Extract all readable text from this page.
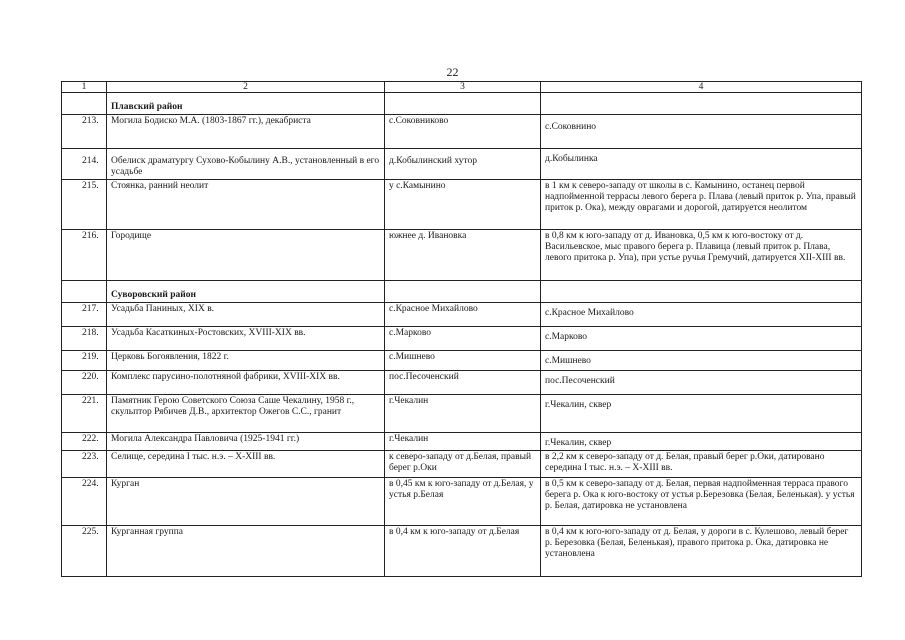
22
1	2	3	4
	Плавский район		
213.	Могила Бодиско М.А. (1803-1867 гг.), декабриста	с.Соковниково	с.Соковнино
214.	Обелиск драматургу Сухово-Кобылину А.В., установленный в его усадьбе	д.Кобылинский хутор	д.Кобылинка
215.	Стоянка, ранний неолит	у с.Камынино	в 1 км к северо-западу от школы в с. Камынино, останец первой надпойменной террасы левого берега р. Плава (левый приток р. Упа, правый приток р. Ока), между оврагами и дорогой, датируется неолитом
216.	Городище	южнее д. Ивановка	в 0,8 км к юго-западу от д. Ивановка, 0,5 км к юго-востоку от д. Васильевское, мыс правого берега р. Плавица (левый приток р. Плава, левого притока р. Упа), при устье ручья Гремучий, датируется XII-XIII вв.
	Суворовский район		
217.	Усадьба Паниных, XIX в.	с.Красное Михайлово	с.Красное Михайлово
218.	Усадьба Касаткиных-Ростовских, XVIII-XIX вв.	с.Марково	с.Марково
219.	Церковь Богоявления, 1822 г.	с.Мишнево	с.Мишнево
220.	Комплекс парусино-полотняной фабрики, XVIII-XIX вв.	пос.Песоченский	пос.Песоченский
221.	Памятник Герою Советского Союза Саше Чекалину, 1958 г., скульптор Рябичев Д.В., архитектор Ожегов С.С., гранит	г.Чекалин	г.Чекалин, сквер
222.	Могила Александра Павловича (1925-1941 гг.)	г.Чекалин	г.Чекалин, сквер
223.	Селище, середина I тыс. н.э. – X-XIII вв.	к северо-западу от д.Белая, правый берег р.Оки	в 2,2 км к северо-западу от д. Белая, правый берег р.Оки, датировано середина I тыс. н.э. – X-XIII вв.
224.	Курган	в 0,45 км к юго-западу от д.Белая, у устья р.Белая	в 0,5 км к северо-западу от д. Белая, первая надпойменная терраса правого берега р. Ока к юго-востоку от устья р.Березовка (Белая, Беленькая). у устья р. Белая, датировка не установлена
225.	Курганная группа	в 0,4 км к юго-западу от д.Белая	в 0,4 км к юго-юго-западу от д. Белая, у дороги в с. Кулешово, левый берег р. Березовка (Белая, Беленькая), правого притока р. Ока, датировка не установлена
